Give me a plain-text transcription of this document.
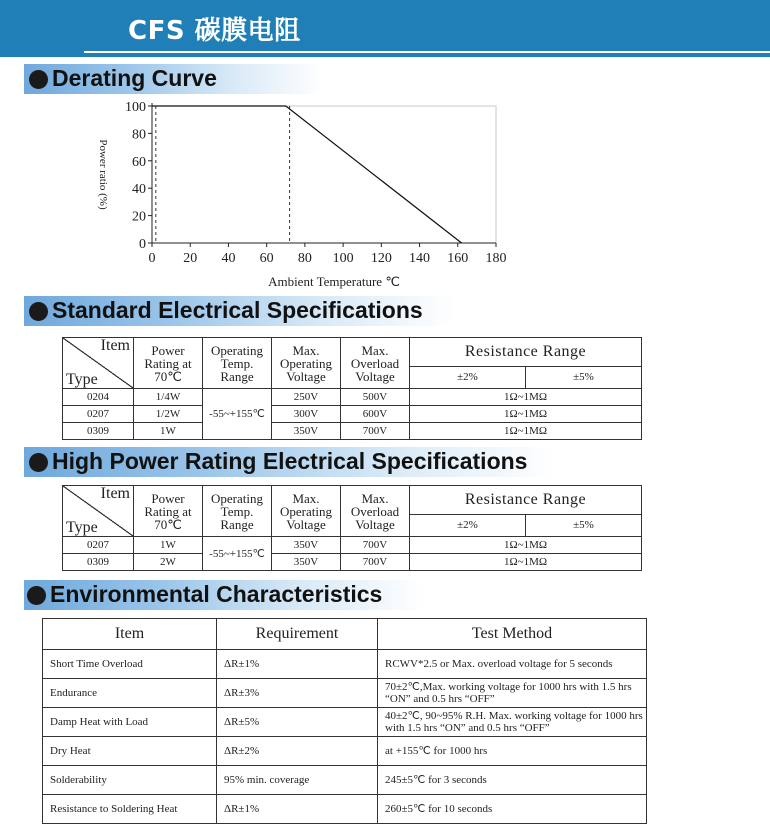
CFS 碳膜电阻
Derating Curve
0
20
40
60
80
100
0 20 40 60 80 100 120 140 160 180
Ambient Temperature ℃
Power ratio (%)
Standard Electrical Specifications
Item
Type	Power Rating at 70℃	Operating Temp. Range	Max. Operating Voltage	Max. Overload Voltage	Resistance Range	
					±2%	±5%
0204	1/4W	-55~+155℃	250V	500V	1Ω~1MΩ	
0207	1/2W		300V	600V	1Ω~1MΩ	
0309	1W		350V	700V	1Ω~1MΩ	
High Power Rating Electrical Specifications
Item
Type	Power Rating at 70℃	Operating Temp. Range	Max. Operating Voltage	Max. Overload Voltage	Resistance Range	
					±2%	±5%
0207	1W	-55~+155℃	350V	700V	1Ω~1MΩ	
0309	2W		350V	700V	1Ω~1MΩ	
Environmental Characteristics
Item	Requirement	Test Method
Short Time Overload	ΔR±1%	RCWV*2.5 or Max. overload voltage for 5 seconds
Endurance	ΔR±3%	70±2℃,Max. working voltage for 1000 hrs with 1.5 hrs “ON” and 0.5 hrs “OFF”
Damp Heat with Load	ΔR±5%	40±2℃, 90~95% R.H. Max. working voltage for 1000 hrs with 1.5 hrs “ON” and 0.5 hrs “OFF”
Dry Heat	ΔR±2%	at +155℃ for 1000 hrs
Solderability	95% min. coverage	245±5℃ for 3 seconds
Resistance to Soldering Heat	ΔR±1%	260±5℃ for 10 seconds
